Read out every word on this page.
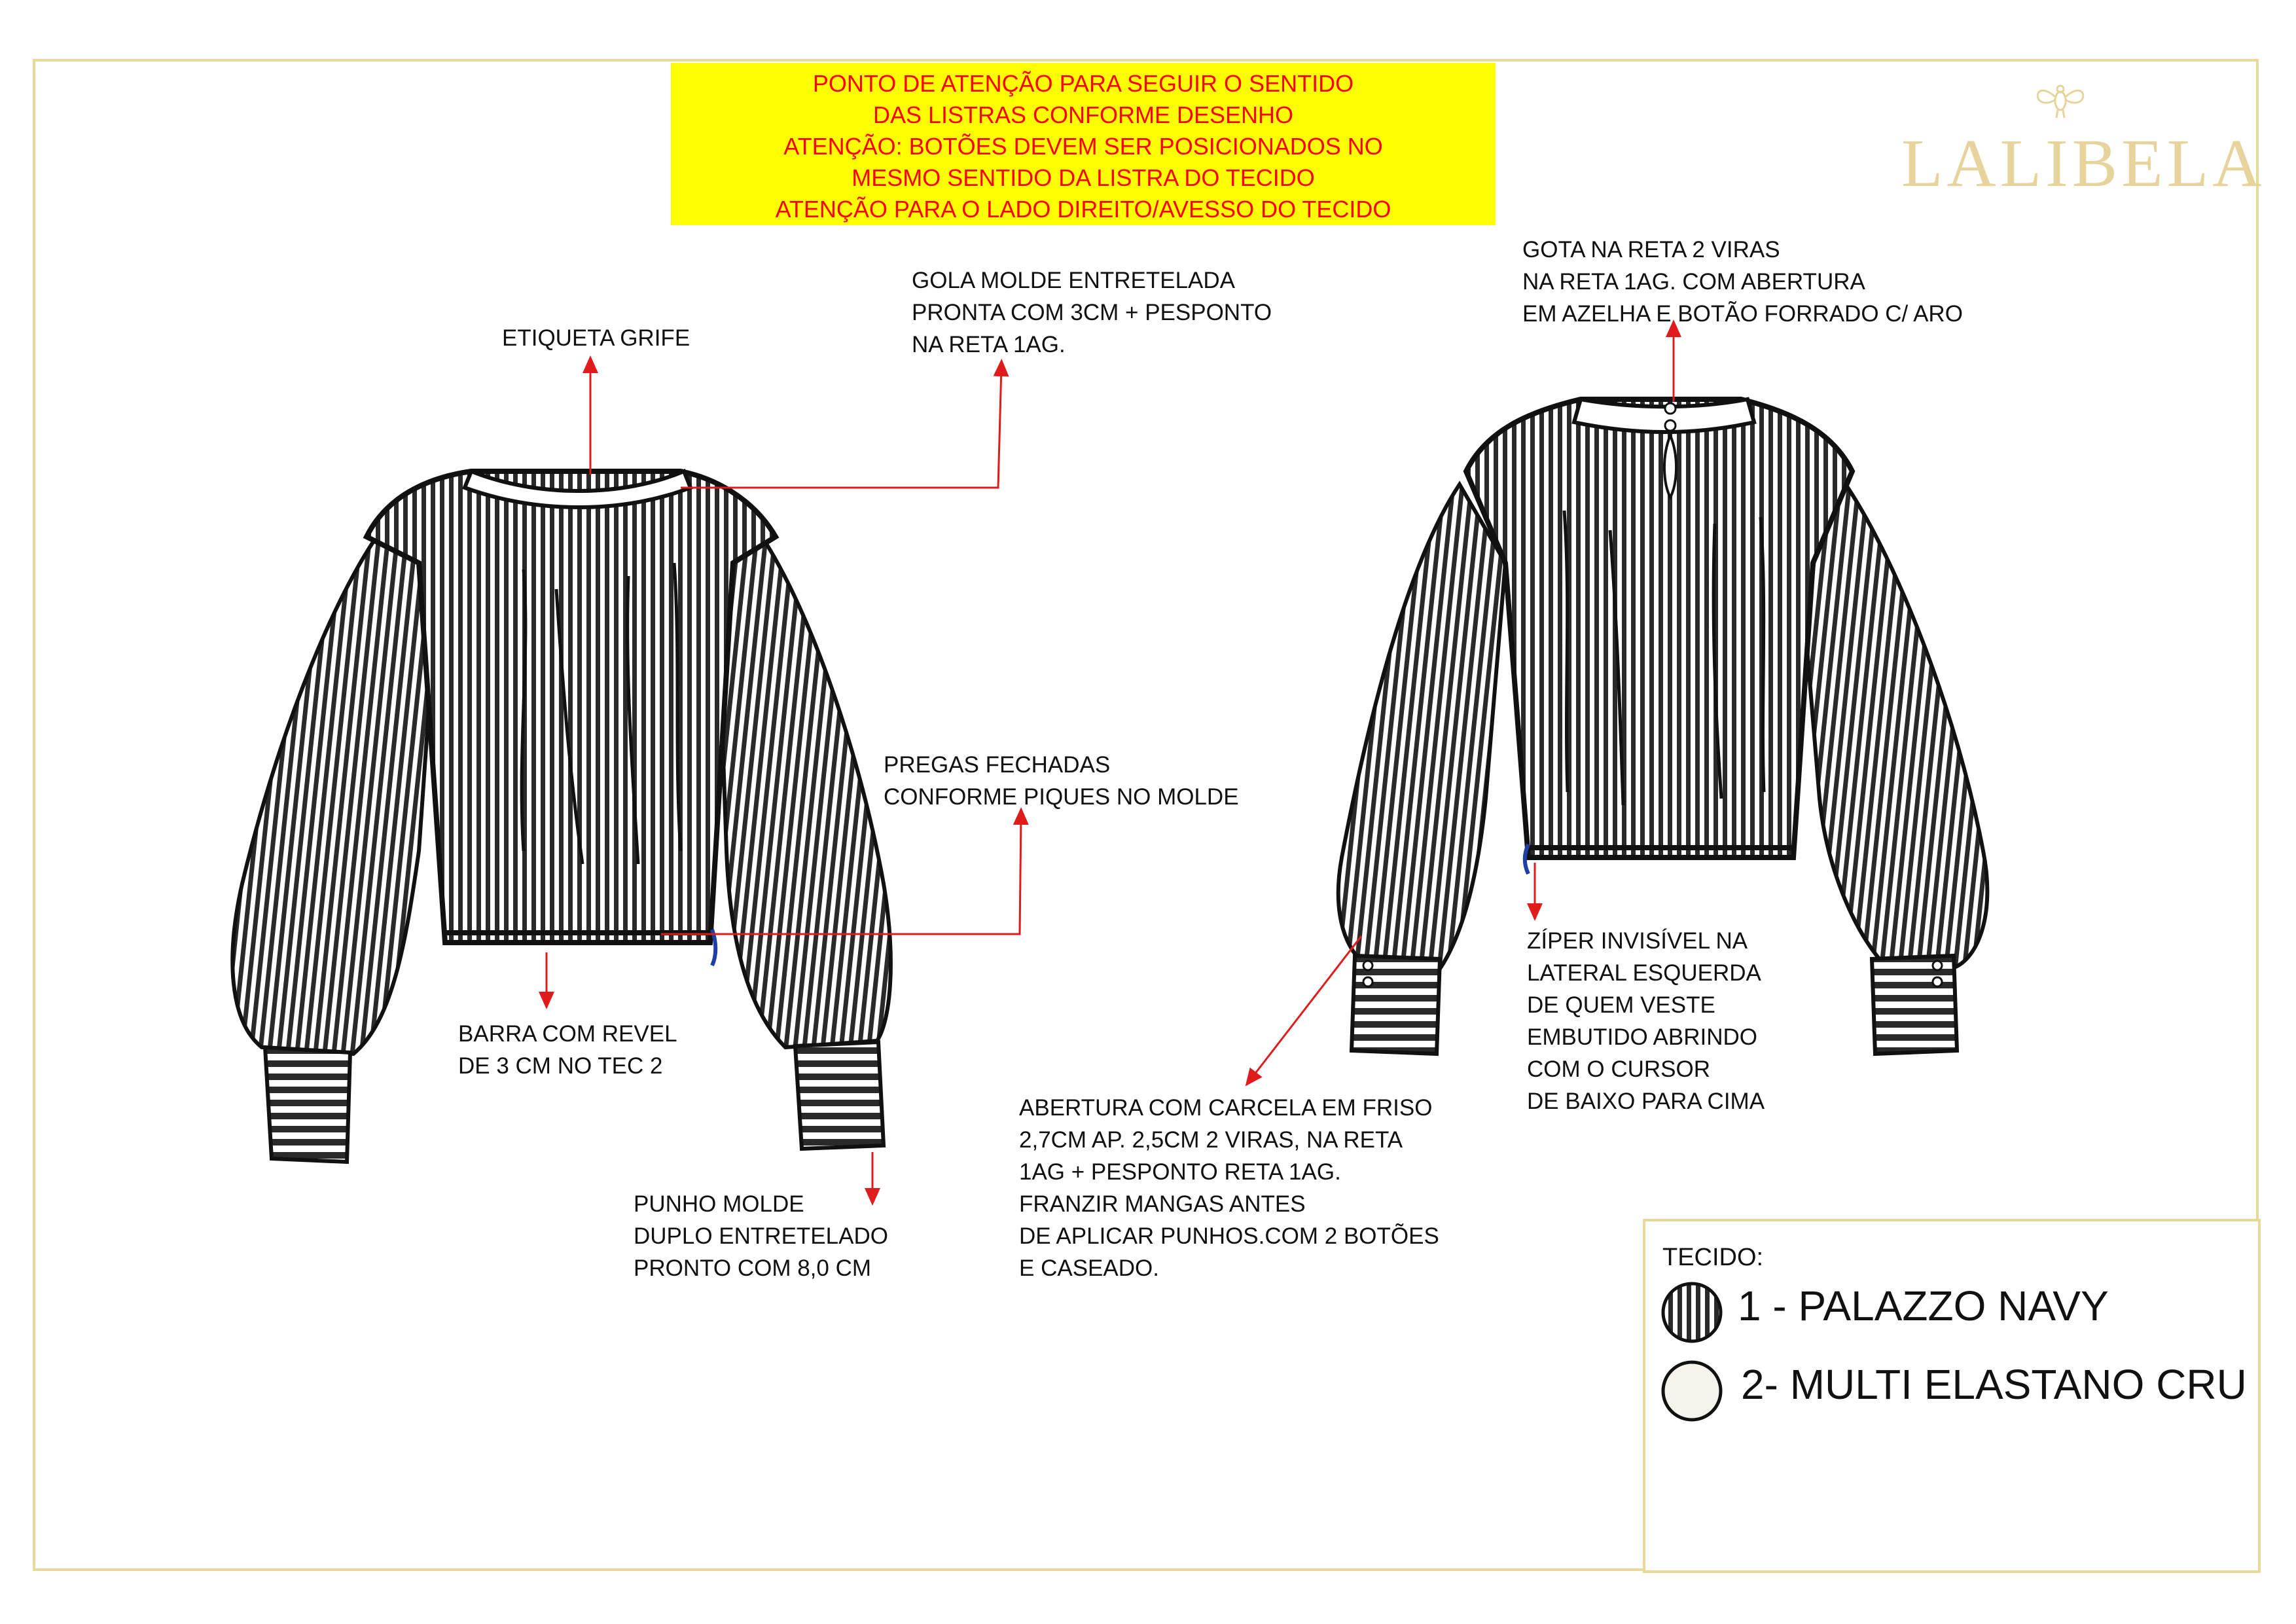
PONTO DE ATENÇÃO PARA SEGUIR O SENTIDO
DAS LISTRAS CONFORME DESENHO
ATENÇÃO: BOTÕES DEVEM SER POSICIONADOS NO
MESMO SENTIDO DA LISTRA DO TECIDO
ATENÇÃO PARA O LADO DIREITO/AVESSO DO TECIDO
LALIBELA
ETIQUETA GRIFE
GOLA MOLDE ENTRETELADA
PRONTA COM 3CM + PESPONTO
NA RETA 1AG.
PREGAS FECHADAS
CONFORME PIQUES NO MOLDE
BARRA COM REVEL
DE 3 CM NO TEC 2
PUNHO MOLDE
DUPLO ENTRETELADO
PRONTO COM 8,0 CM
GOTA NA RETA 2 VIRAS
NA RETA 1AG. COM ABERTURA
EM AZELHA E BOTÃO FORRADO C/ ARO
ZÍPER INVISÍVEL NA
LATERAL ESQUERDA
DE QUEM VESTE
EMBUTIDO ABRINDO
COM O CURSOR
DE BAIXO PARA CIMA
ABERTURA COM CARCELA EM FRISO
2,7CM AP. 2,5CM 2 VIRAS, NA RETA
1AG + PESPONTO RETA 1AG.
FRANZIR MANGAS ANTES
DE APLICAR PUNHOS.COM 2 BOTÕES
E CASEADO.	TECIDO:
1 - PALAZZO NAVY
2- MULTI ELASTANO CRU
